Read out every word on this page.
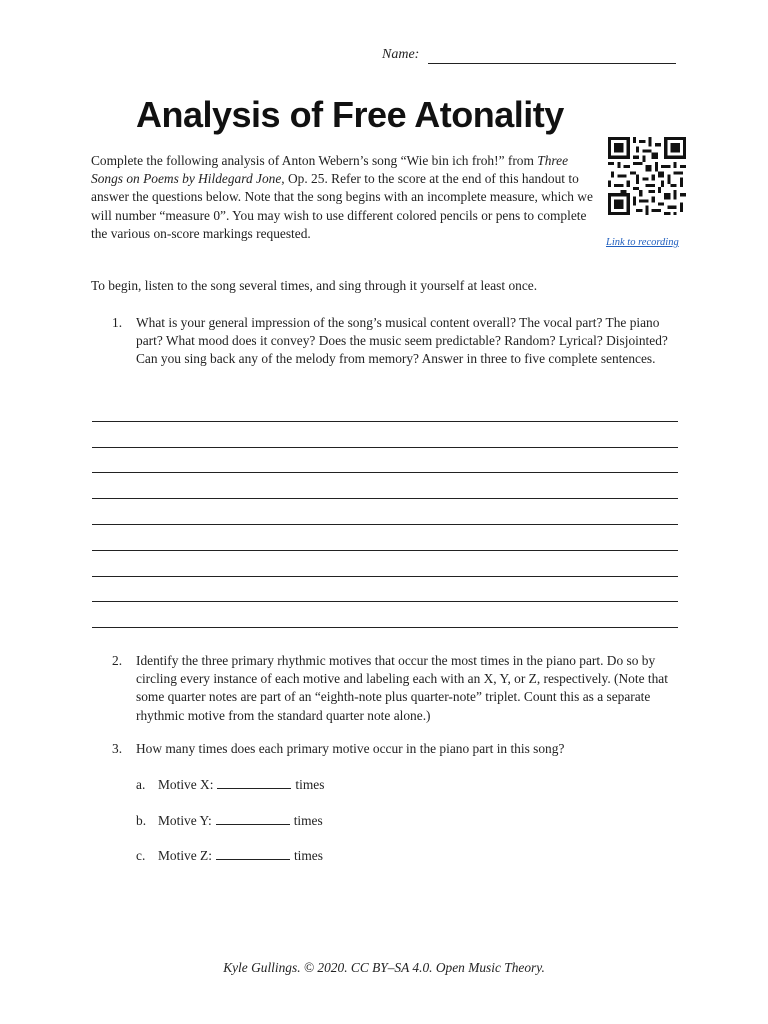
Name:
Analysis of Free Atonality

Complete the following analysis of Anton Webern’s song “Wie bin ich froh!” from Three Songs on Poems by Hildegard Jone, Op. 25. Refer to the score at the end of this handout to answer the questions below. Note that the song begins with an incomplete measure, which we will number “measure 0”. You may wish to use different colored pencils or pens to complete the various on-score markings requested.

Link to recording

To begin, listen to the song several times, and sing through it yourself at least once.

1. What is your general impression of the song’s musical content overall? The vocal part? The piano part? What mood does it convey? Does the music seem predictable? Random? Lyrical? Disjointed? Can you sing back any of the melody from memory? Answer in three to five complete sentences.
2. Identify the three primary rhythmic motives that occur the most times in the piano part. Do so by circling every instance of each motive and labeling each with an X, Y, or Z, respectively. (Note that some quarter notes are part of an “eighth-note plus quarter-note” triplet. Count this as a separate rhythmic motive from the standard quarter note alone.)
3. How many times does each primary motive occur in the piano part in this song?
a. Motive X:	times
b. Motive Y:	times
c. Motive Z:	times
Kyle Gullings. © 2020. CC BY–SA 4.0. Open Music Theory.
